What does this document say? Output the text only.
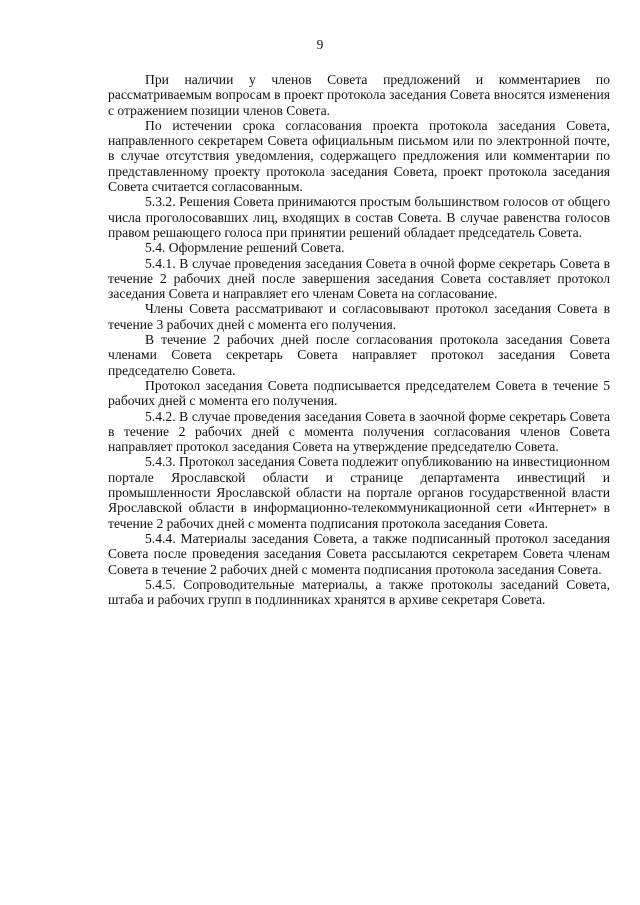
9

При наличии у членов Совета предложений и комментариев по рассматриваемым вопросам в проект протокола заседания Совета вносятся изменения с отражением позиции членов Совета.

По истечении срока согласования проекта протокола заседания Совета, направленного секретарем Совета официальным письмом или по электронной почте, в случае отсутствия уведомления, содержащего предложения или комментарии по представленному проекту протокола заседания Совета, проект протокола заседания Совета считается согласованным.

5.3.2. Решения Совета принимаются простым большинством голосов от общего числа проголосовавших лиц, входящих в состав Совета. В случае равенства голосов правом решающего голоса при принятии решений обладает председатель Совета.

5.4. Оформление решений Совета.

5.4.1. В случае проведения заседания Совета в очной форме секретарь Совета в течение 2 рабочих дней после завершения заседания Совета составляет протокол заседания Совета и направляет его членам Совета на согласование.

Члены Совета рассматривают и согласовывают протокол заседания Совета в течение 3 рабочих дней с момента его получения.

В течение 2 рабочих дней после согласования протокола заседания Совета членами Совета секретарь Совета направляет протокол заседания Совета председателю Совета.

Протокол заседания Совета подписывается председателем Совета в течение 5 рабочих дней с момента его получения.

5.4.2. В случае проведения заседания Совета в заочной форме секретарь Совета в течение 2 рабочих дней с момента получения согласования членов Совета направляет протокол заседания Совета на утверждение председателю Совета.

5.4.3. Протокол заседания Совета подлежит опубликованию на инвестиционном портале Ярославской области и странице департамента инвестиций и промышленности Ярославской области на портале органов государственной власти Ярославской области в информационно-телекоммуникационной сети «Интернет» в течение 2 рабочих дней с момента подписания протокола заседания Совета.

5.4.4. Материалы заседания Совета, а также подписанный протокол заседания Совета после проведения заседания Совета рассылаются секретарем Совета членам Совета в течение 2 рабочих дней с момента подписания протокола заседания Совета.

5.4.5. Сопроводительные материалы, а также протоколы заседаний Совета, штаба и рабочих групп в подлинниках хранятся в архиве секретаря Совета.
